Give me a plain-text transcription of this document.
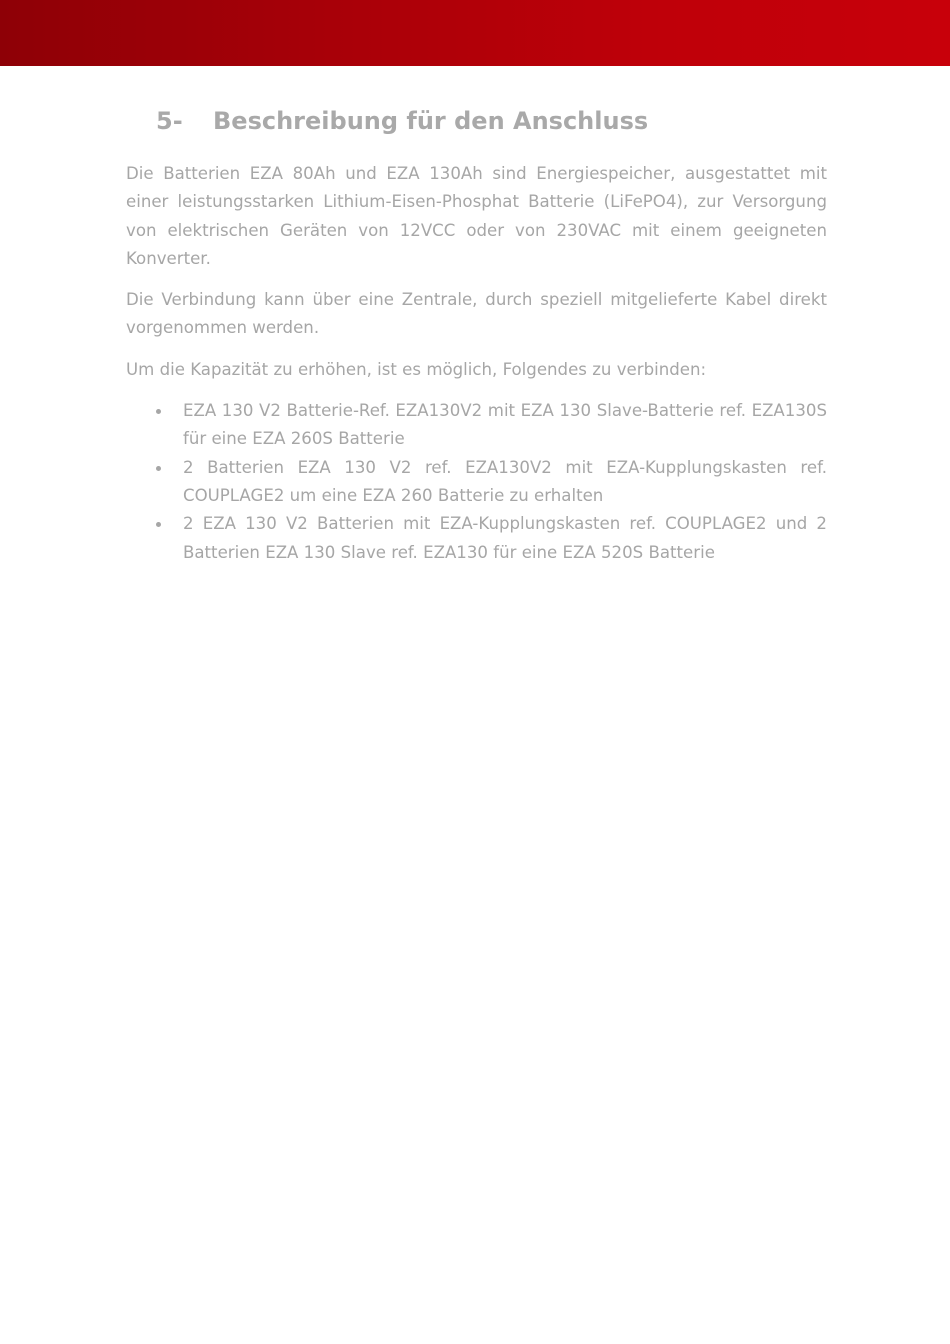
5-	Beschreibung für den Anschluss

Die Batterien EZA 80Ah und EZA 130Ah sind Energiespeicher, ausgestattet mit einer leistungsstarken Lithium-Eisen-Phosphat Batterie (LiFePO4), zur Versorgung von elektrischen Geräten von 12VCC oder von 230VAC mit einem geeigneten Konverter.

Die Verbindung kann über eine Zentrale, durch speziell mitgelieferte Kabel direkt vorgenommen werden.

Um die Kapazität zu erhöhen, ist es möglich, Folgendes zu verbinden:

EZA 130 V2 Batterie-Ref. EZA130V2 mit EZA 130 Slave-Batterie ref. EZA130S für eine EZA 260S Batterie
2 Batterien EZA 130 V2 ref. EZA130V2 mit EZA-Kupplungskasten ref. COUPLAGE2 um eine EZA 260 Batterie zu erhalten
2 EZA 130 V2 Batterien mit EZA-Kupplungskasten ref. COUPLAGE2 und 2 Batterien EZA 130 Slave ref. EZA130 für eine EZA 520S Batterie
